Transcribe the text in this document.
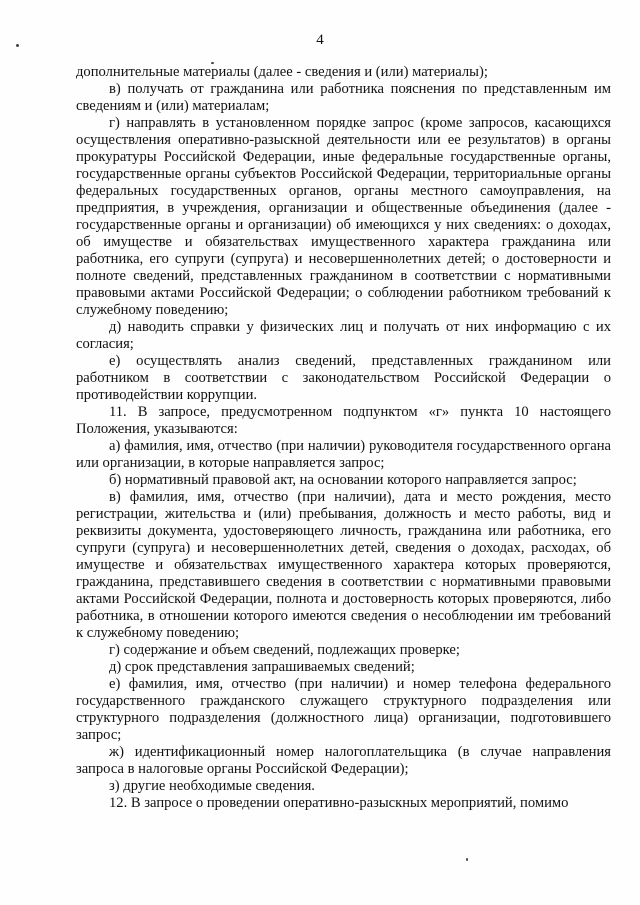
4

дополнительные материалы (далее - сведения и (или) материалы);

в) получать от гражданина или работника пояснения по представленным им сведениям и (или) материалам;

г) направлять в установленном порядке запрос (кроме запросов, касающихся осуществления оперативно-разыскной деятельности или ее результатов) в органы прокуратуры Российской Федерации, иные федеральные государственные органы, государственные органы субъектов Российской Федерации, территориальные органы федеральных государственных органов, органы местного самоуправления, на предприятия, в учреждения, организации и общественные объединения (далее - государственные органы и организации) об имеющихся у них сведениях: о доходах, об имуществе и обязательствах имущественного характера гражданина или работника, его супруги (супруга) и несовершеннолетних детей; о достоверности и полноте сведений, представленных гражданином в соответствии с нормативными правовыми актами Российской Федерации; о соблюдении работником требований к служебному поведению;

д) наводить справки у физических лиц и получать от них информацию с их согласия;

е) осуществлять анализ сведений, представленных гражданином или работником в соответствии с законодательством Российской Федерации о противодействии коррупции.

11. В запросе, предусмотренном подпунктом «г» пункта 10 настоящего Положения, указываются:

а) фамилия, имя, отчество (при наличии) руководителя государственного органа или организации, в которые направляется запрос;

б) нормативный правовой акт, на основании которого направляется запрос;

в) фамилия, имя, отчество (при наличии), дата и место рождения, место регистрации, жительства и (или) пребывания, должность и место работы, вид и реквизиты документа, удостоверяющего личность, гражданина или работника, его супруги (супруга) и несовершеннолетних детей, сведения о доходах, расходах, об имуществе и обязательствах имущественного характера которых проверяются, гражданина, представившего сведения в соответствии с нормативными правовыми актами Российской Федерации, полнота и достоверность которых проверяются, либо работника, в отношении которого имеются сведения о несоблюдении им требований к служебному поведению;

г) содержание и объем сведений, подлежащих проверке;

д) срок представления запрашиваемых сведений;

е) фамилия, имя, отчество (при наличии) и номер телефона федерального государственного гражданского служащего структурного подразделения или структурного подразделения (должностного лица) организации, подготовившего запрос;

ж) идентификационный номер налогоплательщика (в случае направления запроса в налоговые органы Российской Федерации);

з) другие необходимые сведения.

12. В запросе о проведении оперативно-разыскных мероприятий, помимо
